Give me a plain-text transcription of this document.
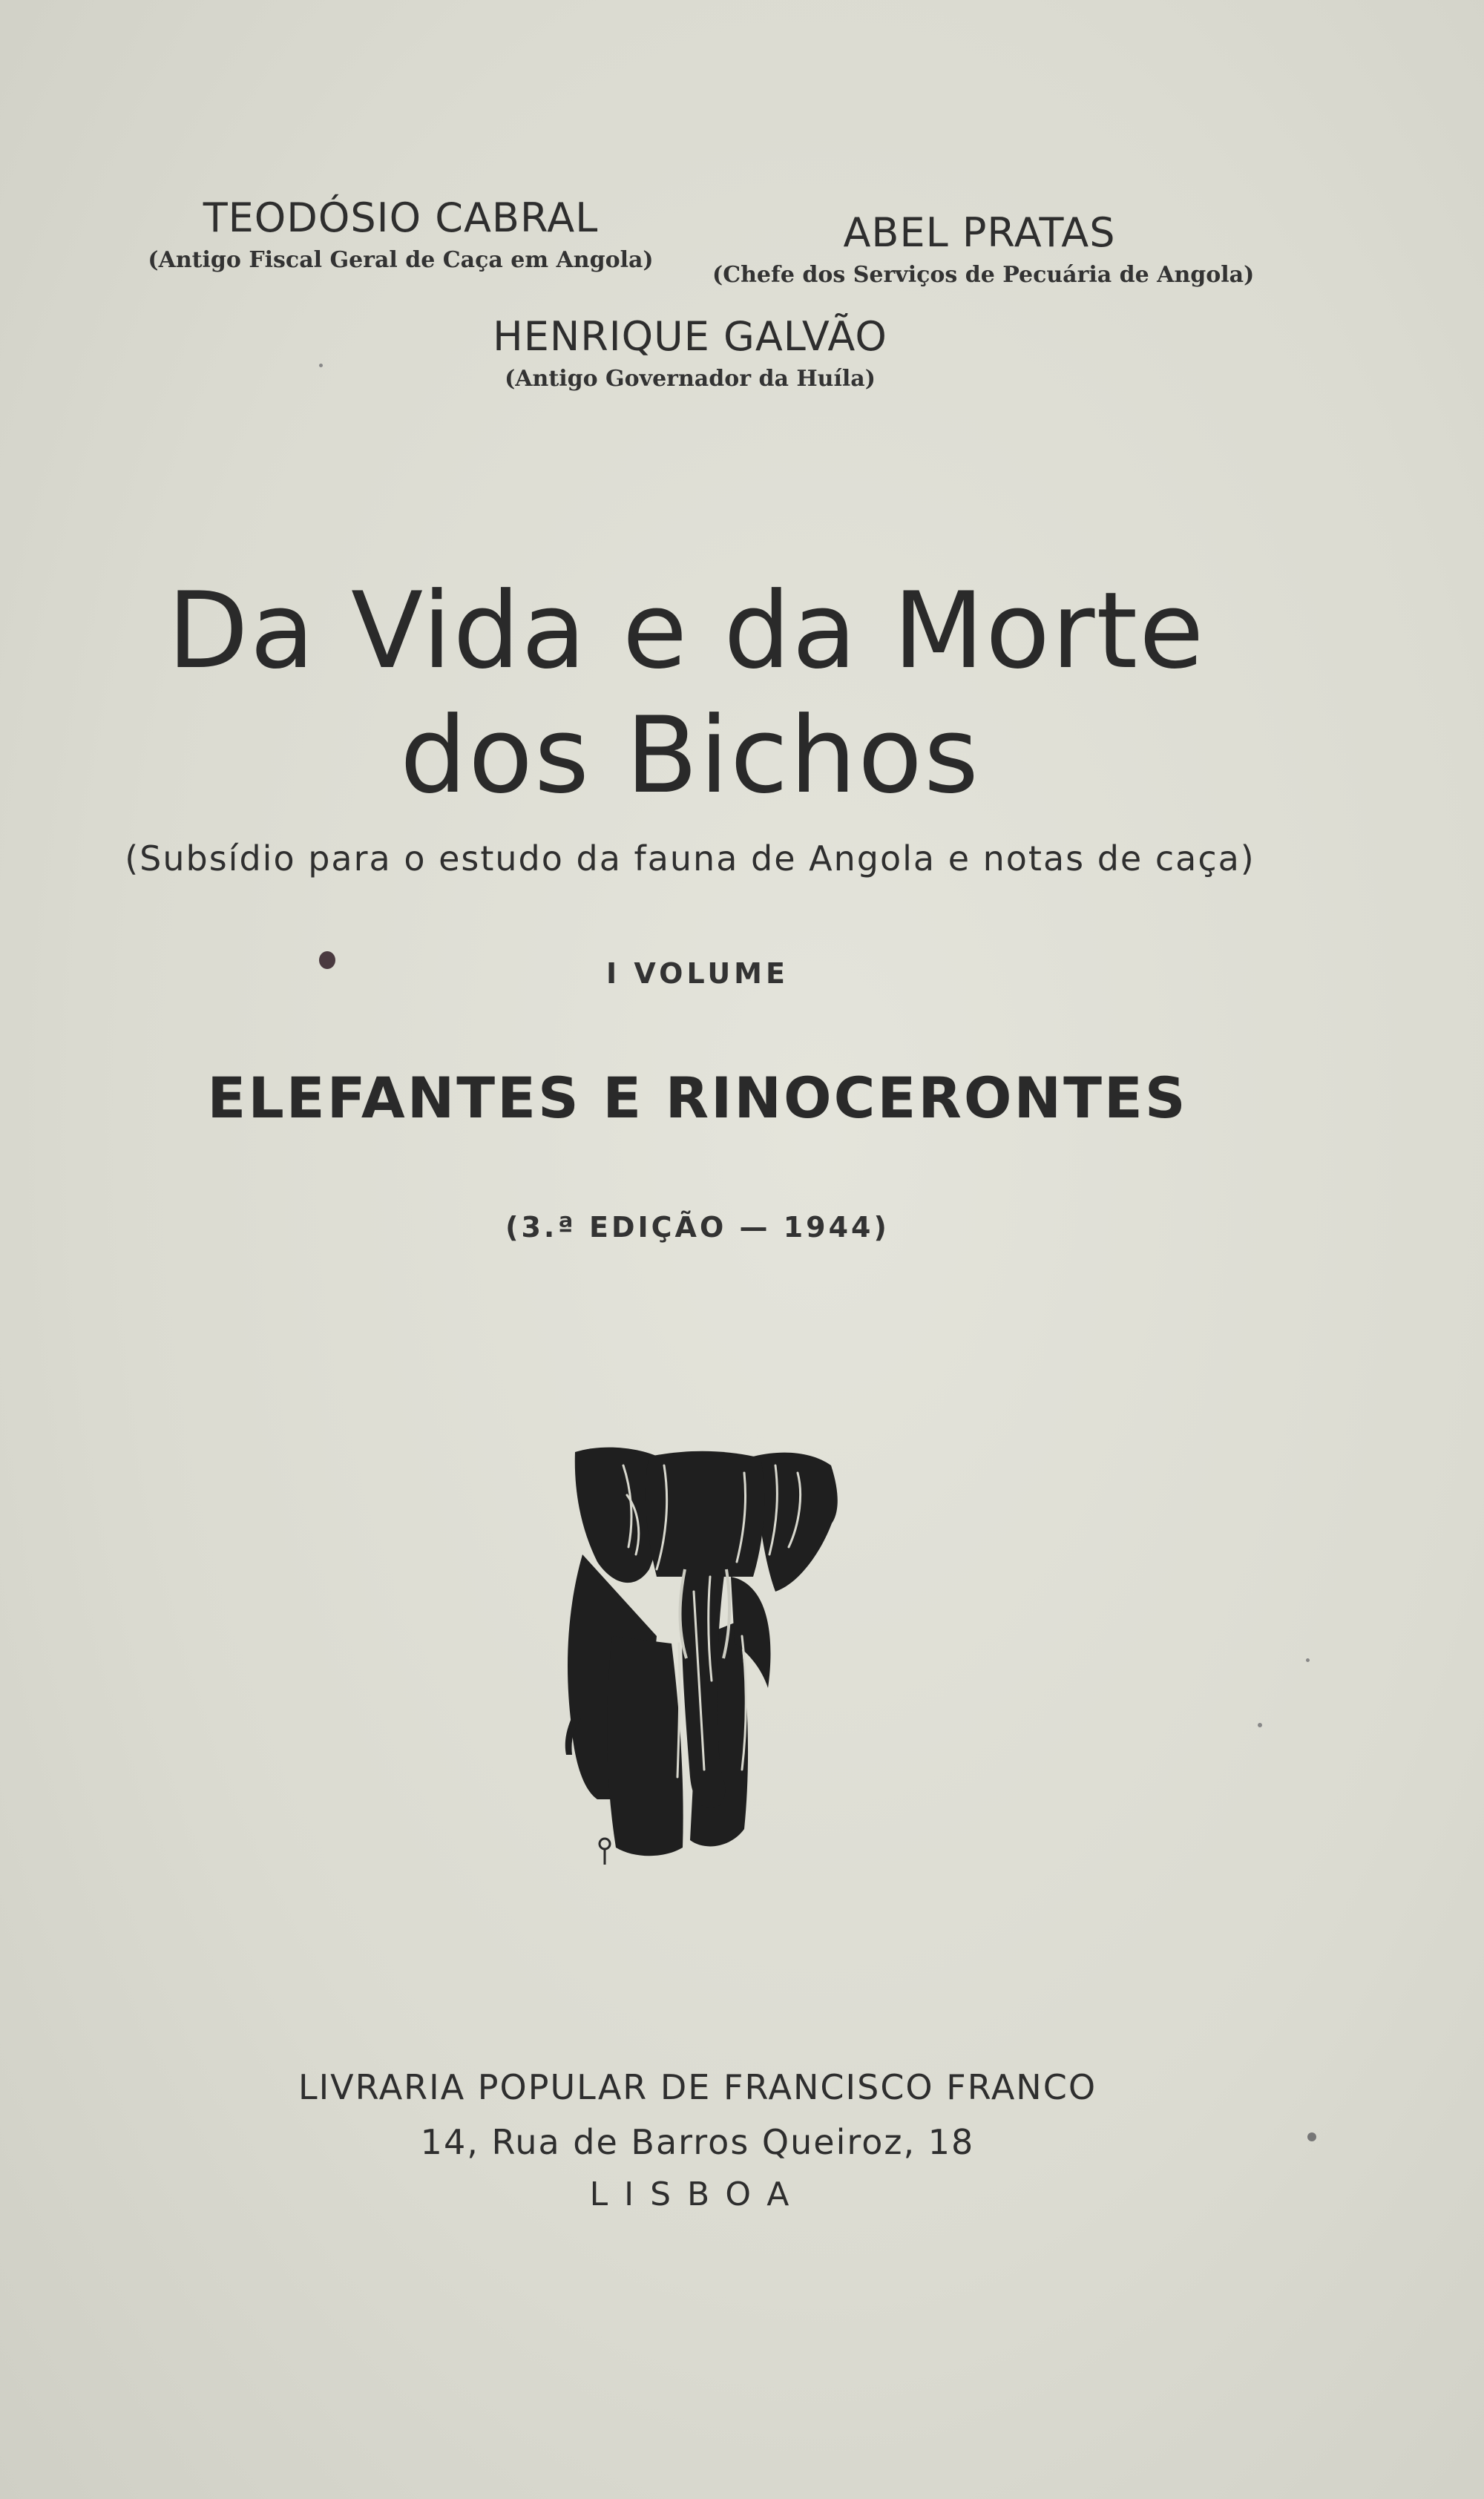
TEODÓSIO CABRAL
(Antigo Fiscal Geral de Caça em Angola)
ABEL PRATAS
(Chefe dos Serviços de Pecuária de Angola)
HENRIQUE GALVÃO
(Antigo Governador da Huíla)
Da Vida e da Morte
dos Bichos
(Subsídio para o estudo da fauna de Angola e notas de caça)
I VOLUME
ELEFANTES E RINOCERONTES
(3.ª EDIÇÃO — 1944)
LIVRARIA POPULAR DE FRANCISCO FRANCO
14, Rua de Barros Queiroz, 18
LISBOA
